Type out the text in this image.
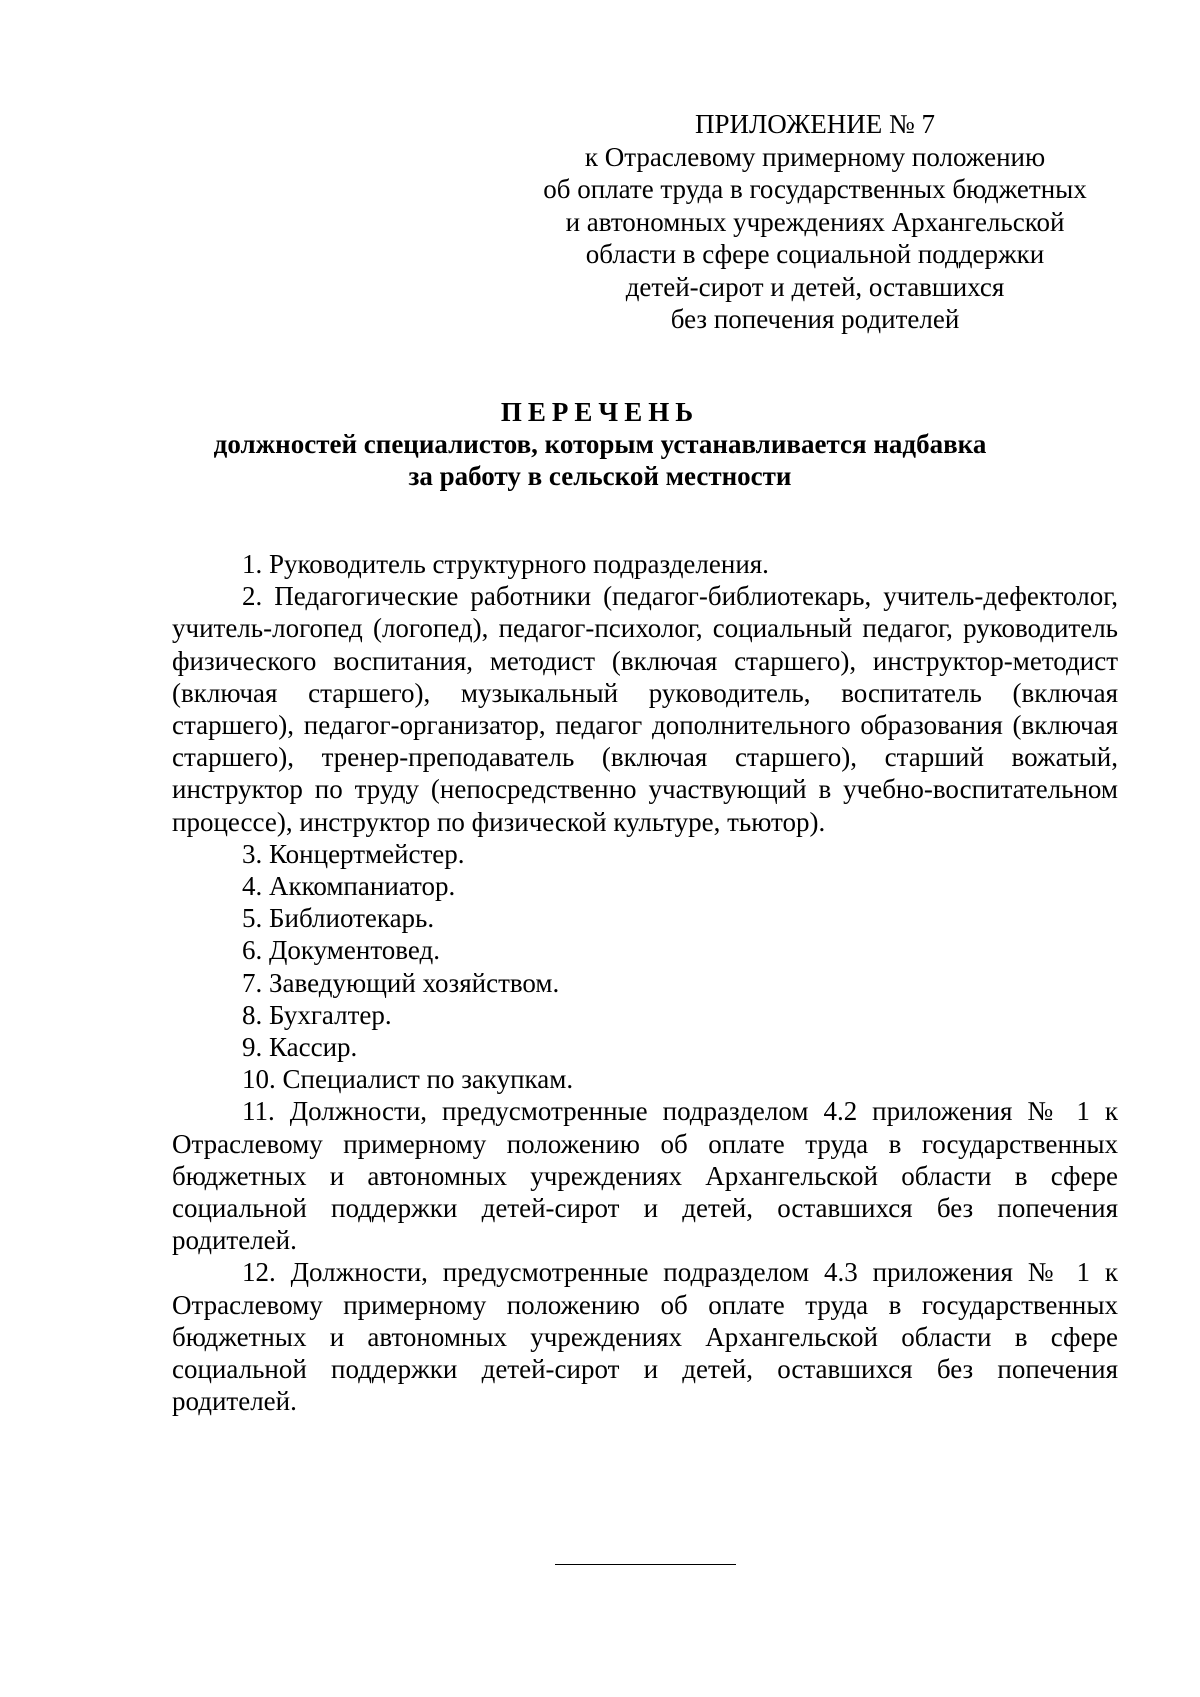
ПРИЛОЖЕНИЕ № 7
к Отраслевому примерному положению
об оплате труда в государственных бюджетных
и автономных учреждениях Архангельской
области в сфере социальной поддержки
детей-сирот и детей, оставшихся
без попечения родителей
ПЕРЕЧЕНЬ
должностей специалистов, которым устанавливается надбавка
за работу в сельской местности

1. Руководитель структурного подразделения.

2. Педагогические работники (педагог-библиотекарь, учитель-дефектолог, учитель-логопед (логопед), педагог-психолог, социальный педагог, руководитель физического воспитания, методист (включая старшего), инструктор-методист (включая старшего), музыкальный руководитель, воспитатель (включая старшего), педагог-организатор, педагог дополнительного образования (включая старшего), тренер-преподаватель (включая старшего), старший вожатый, инструктор по труду (непосредственно участвующий в учебно-воспитательном процессе), инструктор по физической культуре, тьютор).

3. Концертмейстер.

4. Аккомпаниатор.

5. Библиотекарь.

6. Документовед.

7. Заведующий хозяйством.

8. Бухгалтер.

9. Кассир.

10. Специалист по закупкам.

11. Должности, предусмотренные подразделом 4.2 приложения № 1 к Отраслевому примерному положению об оплате труда в государственных бюджетных и автономных учреждениях Архангельской области в сфере социальной поддержки детей-сирот и детей, оставшихся без попечения родителей.

12. Должности, предусмотренные подразделом 4.3 приложения № 1 к Отраслевому примерному положению об оплате труда в государственных бюджетных и автономных учреждениях Архангельской области в сфере социальной поддержки детей-сирот и детей, оставшихся без попечения родителей.
